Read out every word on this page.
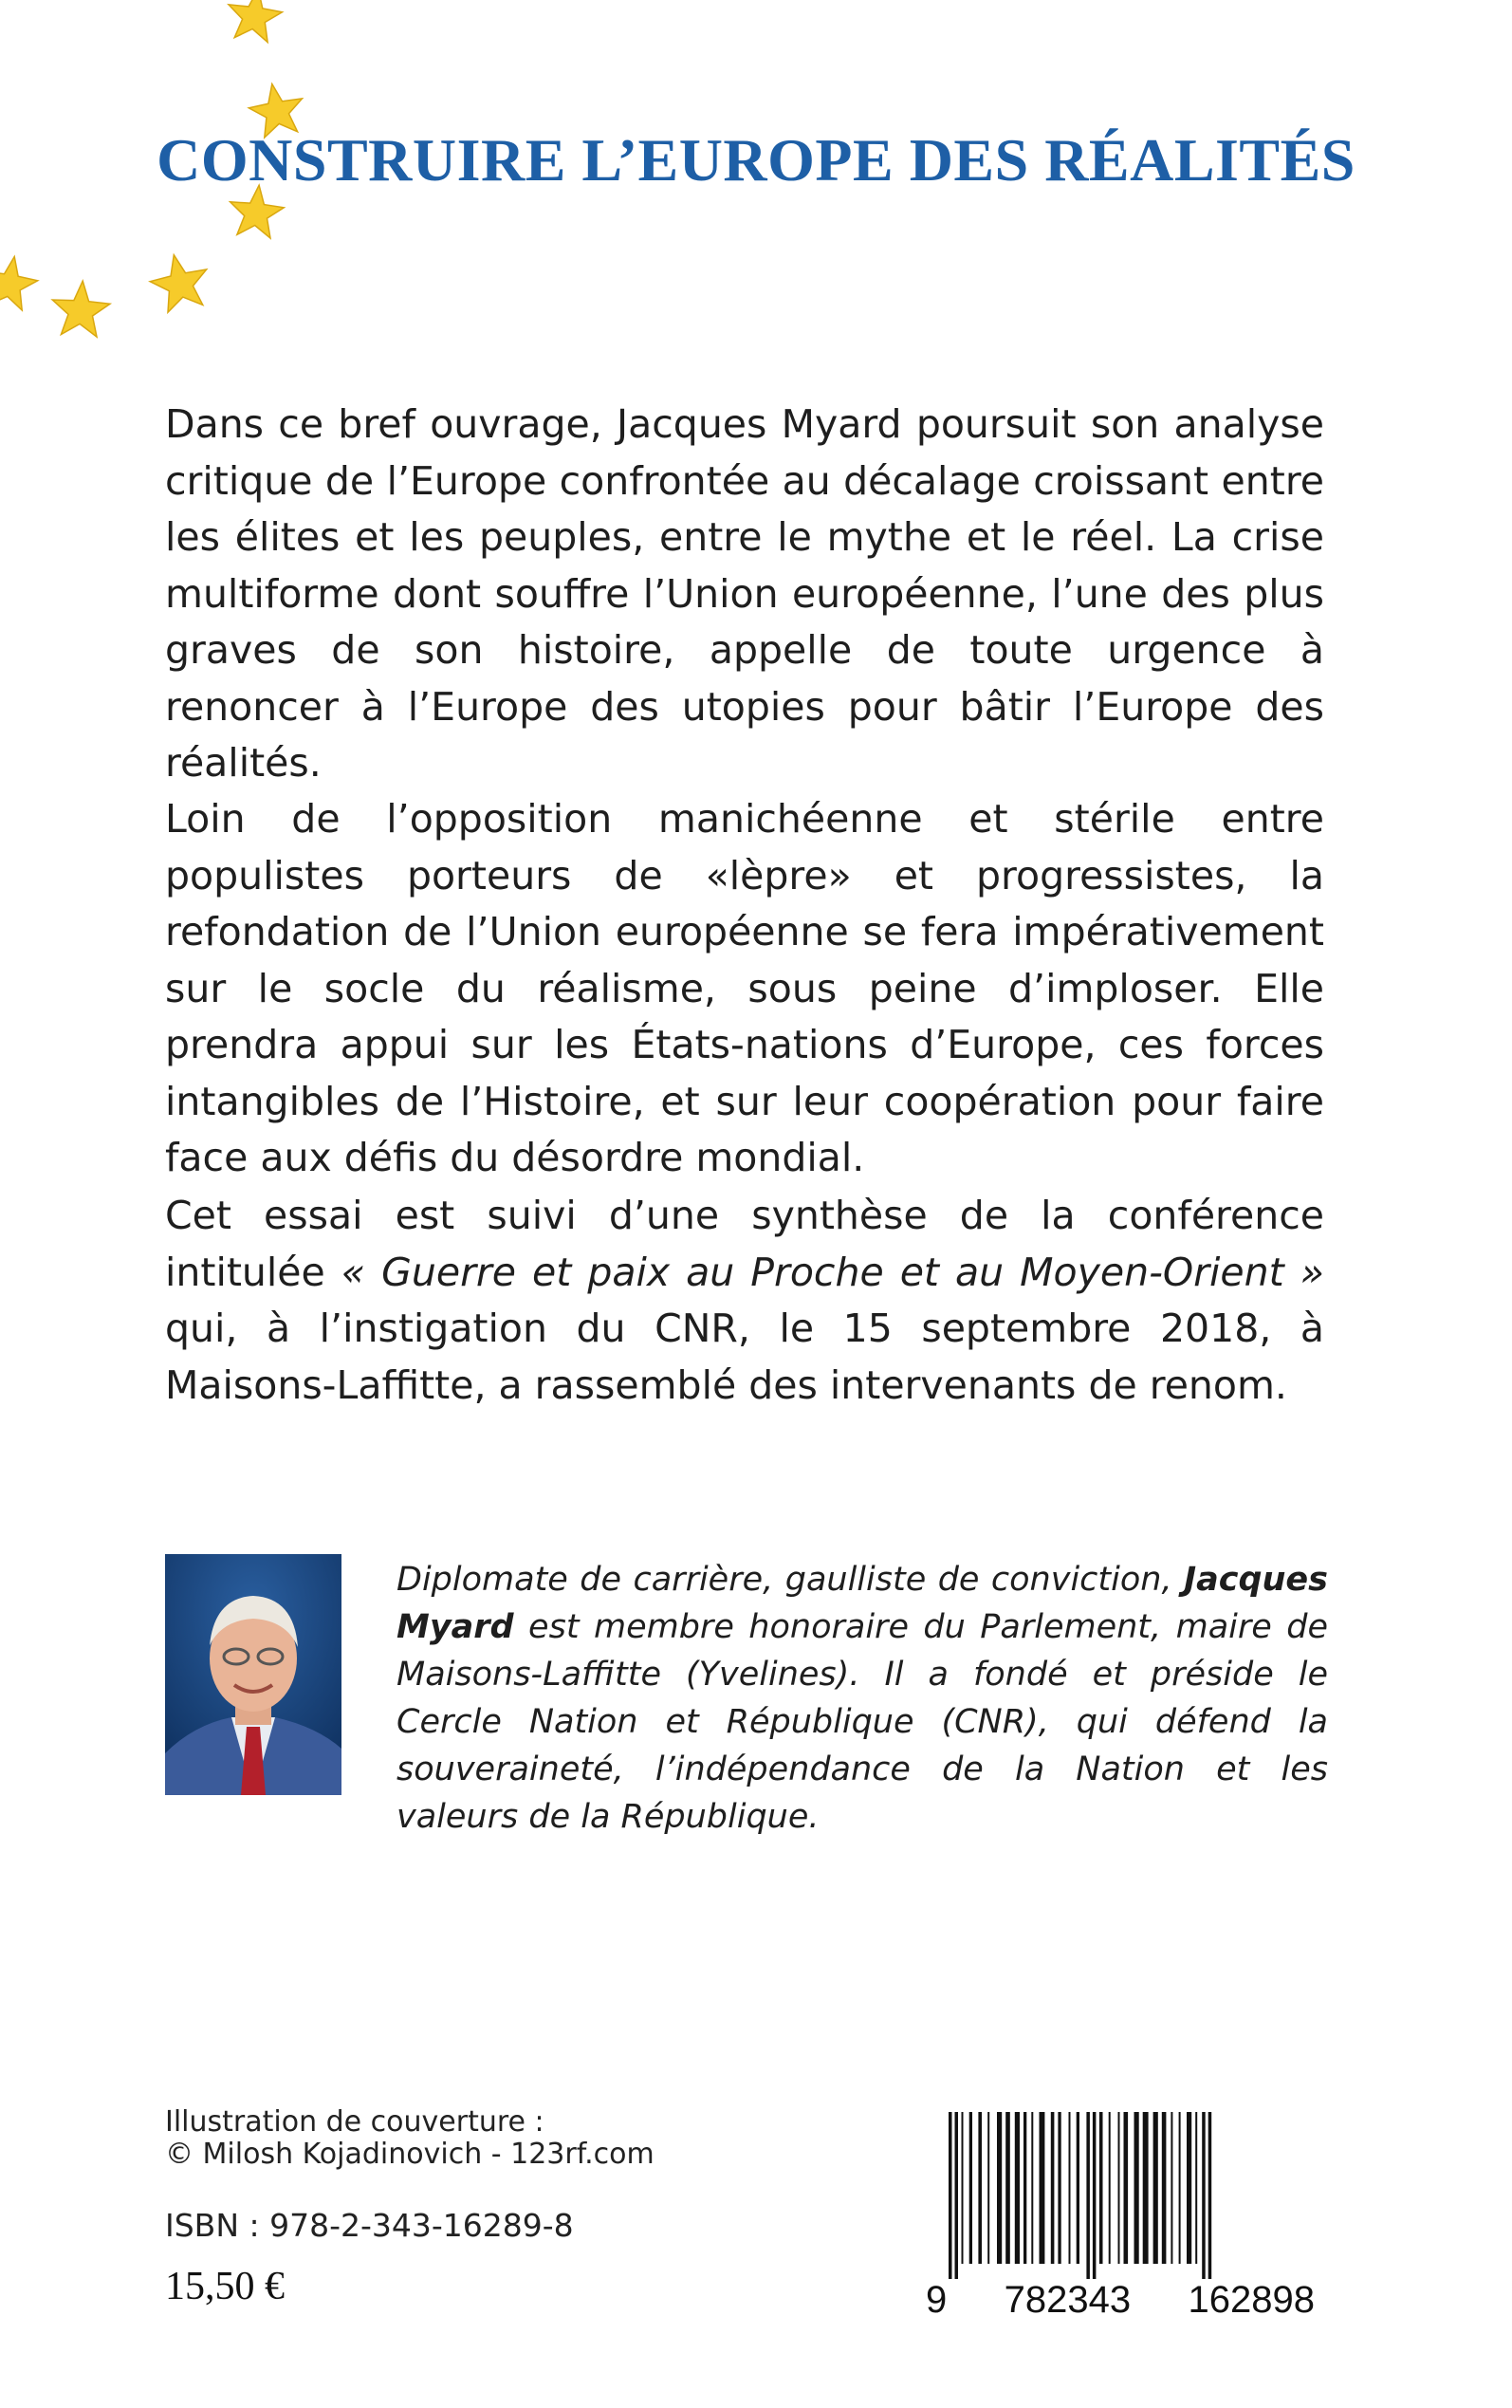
CONSTRUIRE L’EUROPE DES RÉALITÉS

Dans ce bref ouvrage, Jacques Myard poursuit son analyse critique de l’Europe confrontée au décalage croissant entre les élites et les peuples, entre le mythe et le réel. La crise multiforme dont souffre l’Union européenne, l’une des plus graves de son histoire, appelle de toute urgence à renoncer à l’Europe des utopies pour bâtir l’Europe des réalités.

Loin de l’opposition manichéenne et stérile entre populistes porteurs de «lèpre» et progressistes, la refondation de l’Union européenne se fera impérativement sur le socle du réalisme, sous peine d’imploser. Elle prendra appui sur les États-nations d’Europe, ces forces intangibles de l’Histoire, et sur leur coopération pour faire face aux défis du désordre mondial.

Cet essai est suivi d’une synthèse de la conférence intitulée « Guerre et paix au Proche et au Moyen-Orient » qui, à l’instigation du CNR, le 15 septembre 2018, à Maisons-Laffitte, a rassemblé des intervenants de renom.

Diplomate de carrière, gaulliste de conviction, Jacques Myard est membre honoraire du Parlement, maire de Maisons-Laffitte (Yvelines). Il a fondé et préside le Cercle Nation et République (CNR), qui défend la souveraineté, l’indépendance de la Nation et les valeurs de la République.

Illustration de couverture :

© Milosh Kojadinovich - 123rf.com

ISBN : 978-2-343-16289-8

15,50 €	9 782343 162898
